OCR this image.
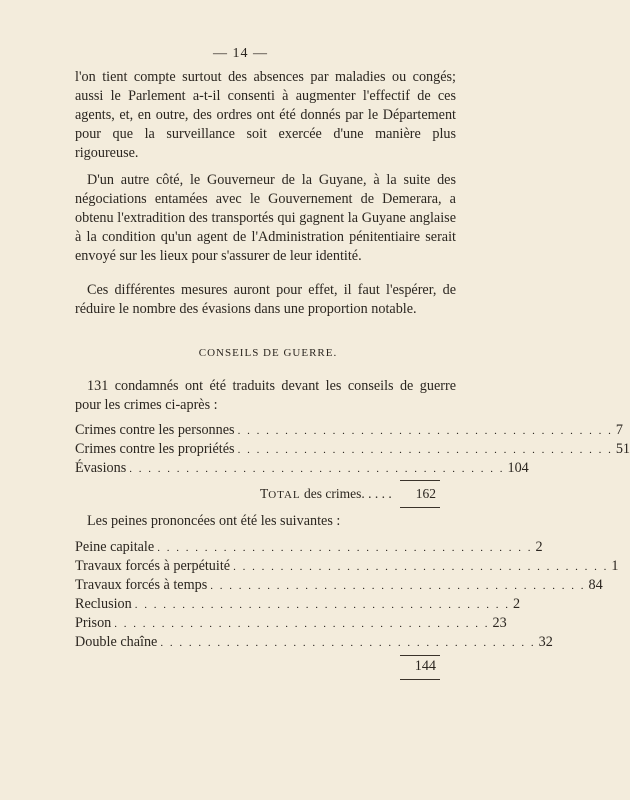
— 14 —
l'on tient compte surtout des absences par maladies ou congés; aussi le Parlement a-t-il consenti à augmenter l'effectif de ces agents, et, en outre, des ordres ont été donnés par le Département pour que la surveillance soit exercée d'une manière plus rigoureuse.
D'un autre côté, le Gouverneur de la Guyane, à la suite des négociations entamées avec le Gouvernement de Demerara, a obtenu l'extradition des transportés qui gagnent la Guyane anglaise à la condition qu'un agent de l'Administration pénitentiaire serait envoyé sur les lieux pour s'assurer de leur identité.
Ces différentes mesures auront pour effet, il faut l'espérer, de réduire le nombre des évasions dans une proportion notable.
CONSEILS DE GUERRE.
131 condamnés ont été traduits devant les conseils de guerre pour les crimes ci-après :
Crimes contre les personnes . . . . . . . . . . . . . . . . . . . . . . . . . . . . . . . . . . . . . . . . 7
Crimes contre les propriétés . . . . . . . . . . . . . . . . . . . . . . . . . . . . . . . . . . . . . . . . 51
Évasions . . . . . . . . . . . . . . . . . . . . . . . . . . . . . . . . . . . . . . . . 104
TOTAL des crimes. . . . . 162
Les peines prononcées ont été les suivantes :
Peine capitale . . . . . . . . . . . . . . . . . . . . . . . . . . . . . . . . . . . . . . . . 2
Travaux forcés à perpétuité . . . . . . . . . . . . . . . . . . . . . . . . . . . . . . . . . . . . . . . . 1
Travaux forcés à temps . . . . . . . . . . . . . . . . . . . . . . . . . . . . . . . . . . . . . . . . 84
Reclusion . . . . . . . . . . . . . . . . . . . . . . . . . . . . . . . . . . . . . . . . 2
Prison . . . . . . . . . . . . . . . . . . . . . . . . . . . . . . . . . . . . . . . . 23
Double chaîne . . . . . . . . . . . . . . . . . . . . . . . . . . . . . . . . . . . . . . . . 32
144
